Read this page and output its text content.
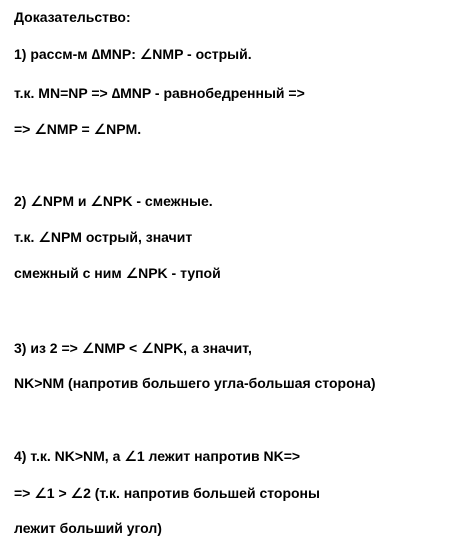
Доказательство:
1) рассм-м ∆MNP: ∠NMP - острый.
т.к. MN=NP => ∆MNP - равнобедренный =>
=> ∠NMP = ∠NPM.
2) ∠NPM и ∠NPK - смежные.
т.к. ∠NPM острый, значит
смежный с ним ∠NPK - тупой
3) из 2 => ∠NMP < ∠NPK, а значит,
NK>NM (напротив большего угла-большая сторона)
4) т.к. NK>NM, а ∠1 лежит напротив NK=>
=> ∠1 > ∠2 (т.к. напротив большей стороны
лежит больший угол)
